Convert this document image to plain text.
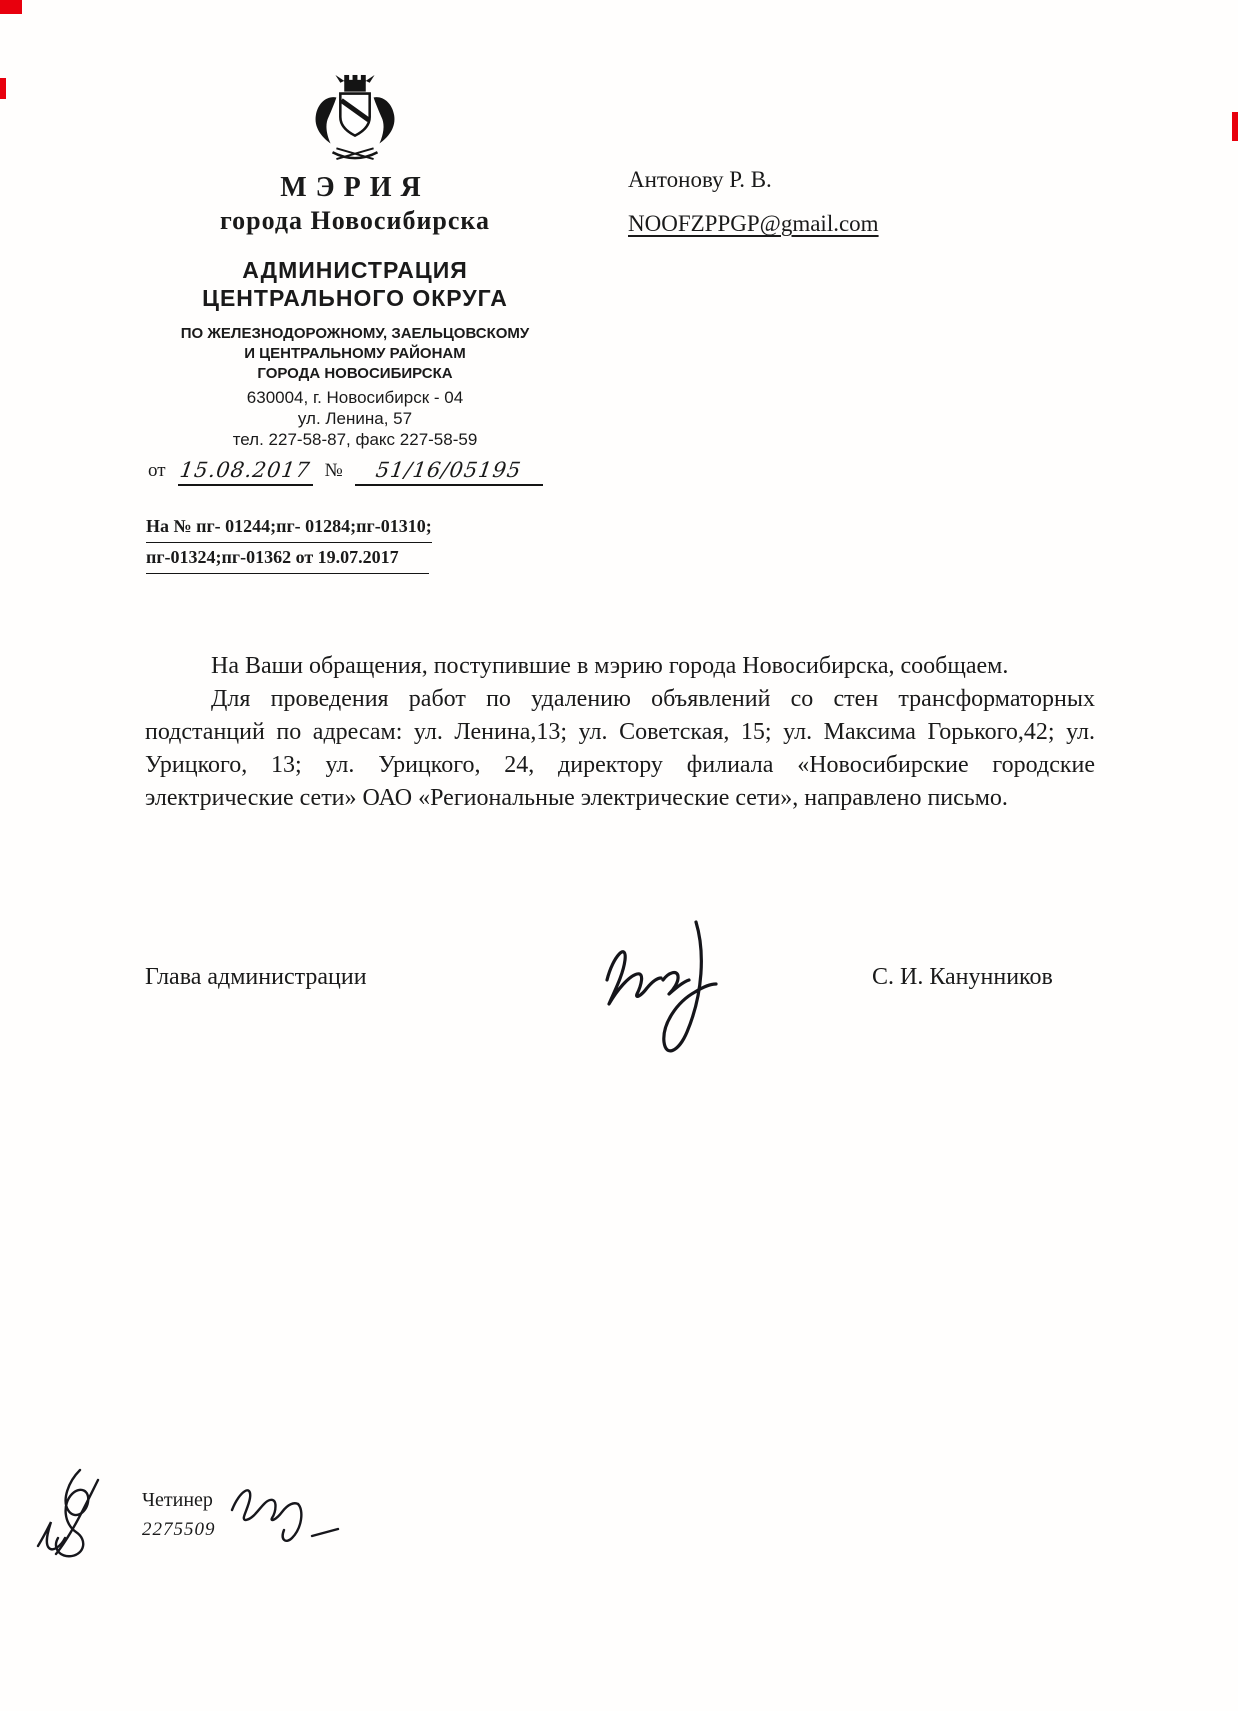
МЭРИЯ
города Новосибирска
АДМИНИСТРАЦИЯ
ЦЕНТРАЛЬНОГО ОКРУГА
ПО ЖЕЛЕЗНОДОРОЖНОМУ, ЗАЕЛЬЦОВСКОМУ
И ЦЕНТРАЛЬНОМУ РАЙОНАМ
ГОРОДА НОВОСИБИРСКА
630004, г. Новосибирск - 04
ул. Ленина, 57
тел. 227-58-87, факс 227-58-59
Антонову Р. В.
NOOFZPPGP@gmail.com
от 15.08.2017 №	51/16/05195
На № пг- 01244;пг- 01284;пг-01310;
пг-01324;пг-01362 от 19.07.2017

На Ваши обращения, поступившие в мэрию города Новосибирска, сообщаем.

Для проведения работ по удалению объявлений со стен трансформаторных подстанций по адресам: ул. Ленина,13; ул. Советская, 15; ул. Максима Горького,42; ул. Урицкого, 13; ул. Урицкого, 24, директору филиала «Новосибирские городские электрические сети» ОАО «Региональные электрические сети», направлено письмо.

Глава администрации	С. И. Канунников
Четинер
2275509
